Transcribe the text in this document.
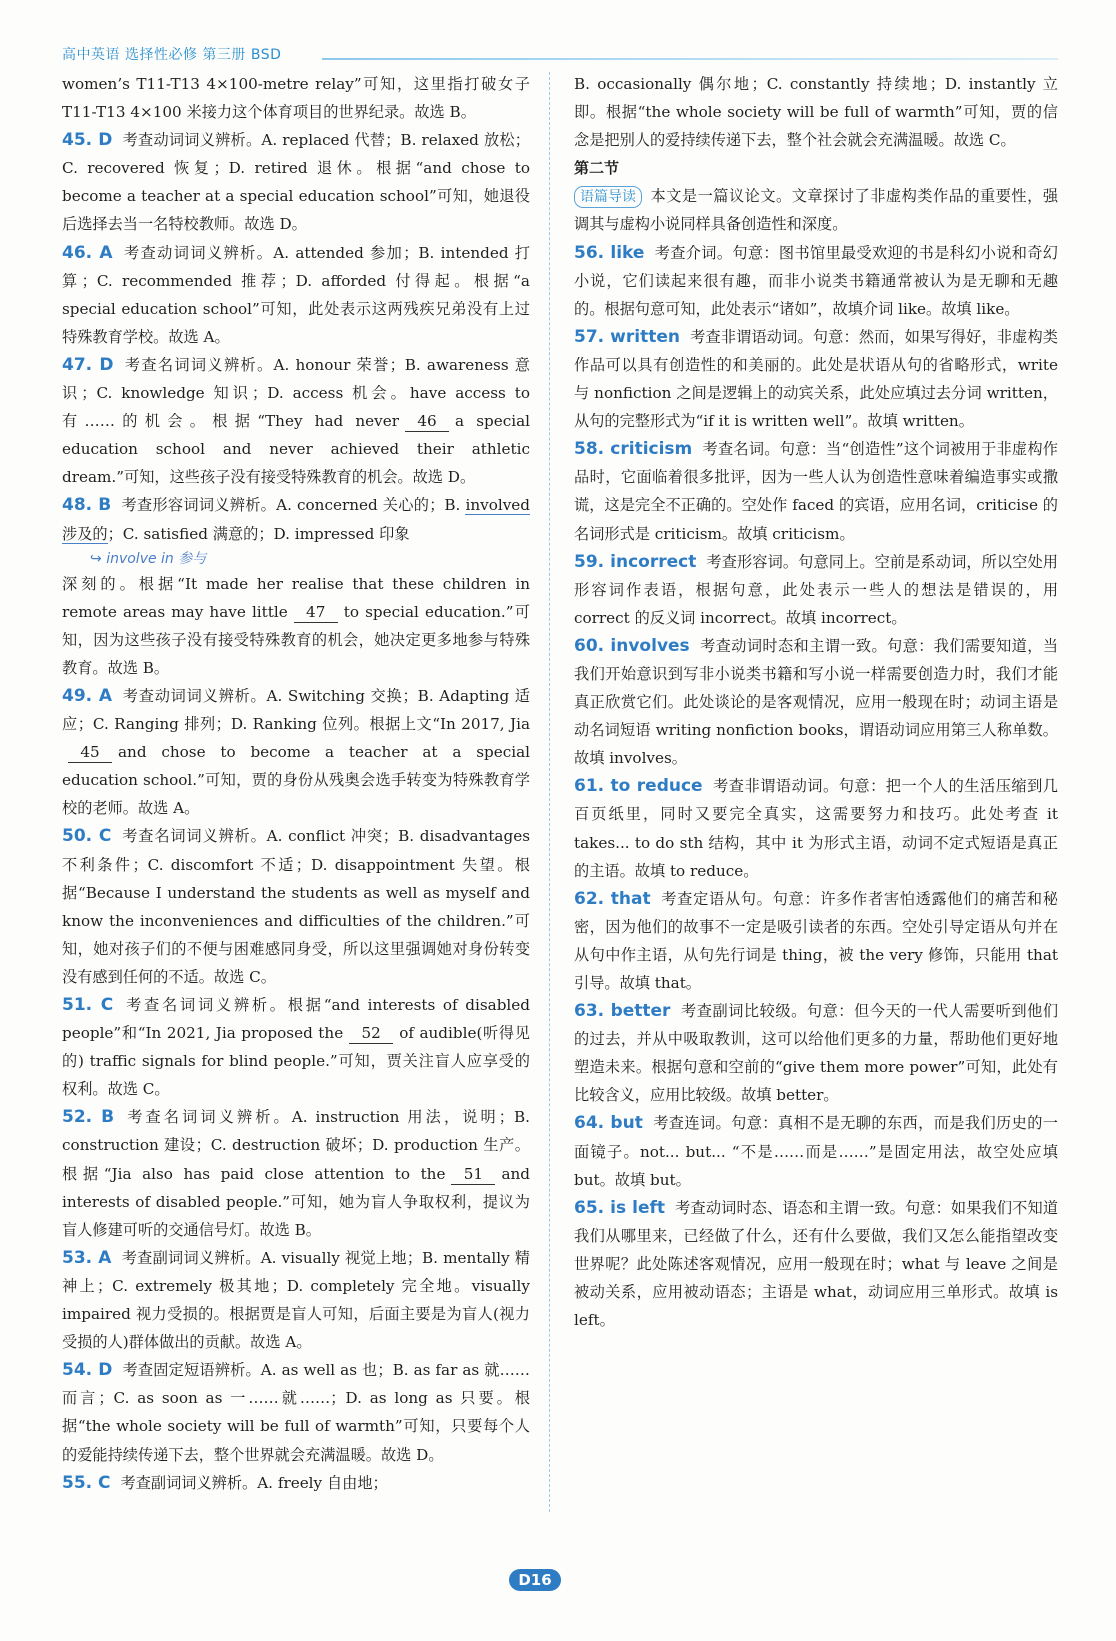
高中英语 选择性必修 第三册 BSD

women’s T11-T13 4×100-metre relay”可知，这里指打破女子T11-T13 4×100 米接力这个体育项目的世界纪录。故选 B。

45. D 考查动词词义辨析。A. replaced 代替；B. relaxed 放松；C. recovered 恢复；D. retired 退休。根据“and chose to become a teacher at a special education school”可知，她退役后选择去当一名特校教师。故选 D。

46. A 考查动词词义辨析。A. attended 参加；B. intended 打算；C. recommended 推荐；D. afforded 付得起。根据“a special education school”可知，此处表示这两残疾兄弟没有上过特殊教育学校。故选 A。

47. D 考查名词词义辨析。A. honour 荣誉；B. awareness 意识；C. knowledge 知识；D. access 机会。have access to 有……的机会。根据“They had never 46 a special education school and never achieved their athletic dream.”可知，这些孩子没有接受特殊教育的机会。故选 D。

48. B 考查形容词词义辨析。A. concerned 关心的；B. involved 涉及的；C. satisfied 满意的；D. impressed 印象

↪ involve in 参与

深刻的。根据“It made her realise that these children in remote areas may have little 47 to special education.”可知，因为这些孩子没有接受特殊教育的机会，她决定更多地参与特殊教育。故选 B。

49. A 考查动词词义辨析。A. Switching 交换；B. Adapting 适应；C. Ranging 排列；D. Ranking 位列。根据上文“In 2017, Jia45 and chose to become a teacher at a special education school.”可知，贾的身份从残奥会选手转变为特殊教育学校的老师。故选 A。

50. C 考查名词词义辨析。A. conflict 冲突；B. disadvantages 不利条件；C. discomfort 不适；D. disappointment 失望。根据“Because I understand the students as well as myself and know the inconveniences and difficulties of the children.”可知，她对孩子们的不便与困难感同身受，所以这里强调她对身份转变没有感到任何的不适。故选 C。

51. C 考查名词词义辨析。根据“and interests of disabled people”和“In 2021, Jia proposed the 52 of audible(听得见的) traffic signals for blind people.”可知，贾关注盲人应享受的权利。故选 C。

52. B 考查名词词义辨析。A. instruction 用法，说明；B. construction 建设；C. destruction 破坏；D. production 生产。根据“Jia also has paid close attention to the 51 and interests of disabled people.”可知，她为盲人争取权利，提议为盲人修建可听的交通信号灯。故选 B。

53. A 考查副词词义辨析。A. visually 视觉上地；B. mentally 精神上；C. extremely 极其地；D. completely 完全地。visually impaired 视力受损的。根据贾是盲人可知，后面主要是为盲人(视力受损的人)群体做出的贡献。故选 A。

54. D 考查固定短语辨析。A. as well as 也；B. as far as 就……而言；C. as soon as 一……就……；D. as long as 只要。根据“the whole society will be full of warmth”可知，只要每个人的爱能持续传递下去，整个世界就会充满温暖。故选 D。

55. C 考查副词词义辨析。A. freely 自由地；

B. occasionally 偶尔地；C. constantly 持续地；D. instantly 立即。根据“the whole society will be full of warmth”可知，贾的信念是把别人的爱持续传递下去，整个社会就会充满温暖。故选 C。

第二节

语篇导读 本文是一篇议论文。文章探讨了非虚构类作品的重要性，强调其与虚构小说同样具备创造性和深度。

56. like 考查介词。句意：图书馆里最受欢迎的书是科幻小说和奇幻小说，它们读起来很有趣，而非小说类书籍通常被认为是无聊和无趣的。根据句意可知，此处表示“诸如”，故填介词 like。故填 like。

57. written 考查非谓语动词。句意：然而，如果写得好，非虚构类作品可以具有创造性的和美丽的。此处是状语从句的省略形式，write 与 nonfiction 之间是逻辑上的动宾关系，此处应填过去分词 written，从句的完整形式为“if it is written well”。故填 written。

58. criticism 考查名词。句意：当“创造性”这个词被用于非虚构作品时，它面临着很多批评，因为一些人认为创造性意味着编造事实或撒谎，这是完全不正确的。空处作 faced 的宾语，应用名词，criticise 的名词形式是 criticism。故填 criticism。

59. incorrect 考查形容词。句意同上。空前是系动词，所以空处用形容词作表语，根据句意，此处表示一些人的想法是错误的，用 correct 的反义词 incorrect。故填 incorrect。

60. involves 考查动词时态和主谓一致。句意：我们需要知道，当我们开始意识到写非小说类书籍和写小说一样需要创造力时，我们才能真正欣赏它们。此处谈论的是客观情况，应用一般现在时；动词主语是动名词短语 writing nonfiction books，谓语动词应用第三人称单数。故填 involves。

61. to reduce 考查非谓语动词。句意：把一个人的生活压缩到几百页纸里，同时又要完全真实，这需要努力和技巧。此处考查 it takes... to do sth 结构，其中 it 为形式主语，动词不定式短语是真正的主语。故填 to reduce。

62. that 考查定语从句。句意：许多作者害怕透露他们的痛苦和秘密，因为他们的故事不一定是吸引读者的东西。空处引导定语从句并在从句中作主语，从句先行词是 thing，被 the very 修饰，只能用 that 引导。故填 that。

63. better 考查副词比较级。句意：但今天的一代人需要听到他们的过去，并从中吸取教训，这可以给他们更多的力量，帮助他们更好地塑造未来。根据句意和空前的“give them more power”可知，此处有比较含义，应用比较级。故填 better。

64. but 考查连词。句意：真相不是无聊的东西，而是我们历史的一面镜子。not... but... “不是……而是……”是固定用法，故空处应填 but。故填 but。

65. is left 考查动词时态、语态和主谓一致。句意：如果我们不知道我们从哪里来，已经做了什么，还有什么要做，我们又怎么能指望改变世界呢？此处陈述客观情况，应用一般现在时；what 与 leave 之间是被动关系，应用被动语态；主语是 what，动词应用三单形式。故填 is left。

D16
